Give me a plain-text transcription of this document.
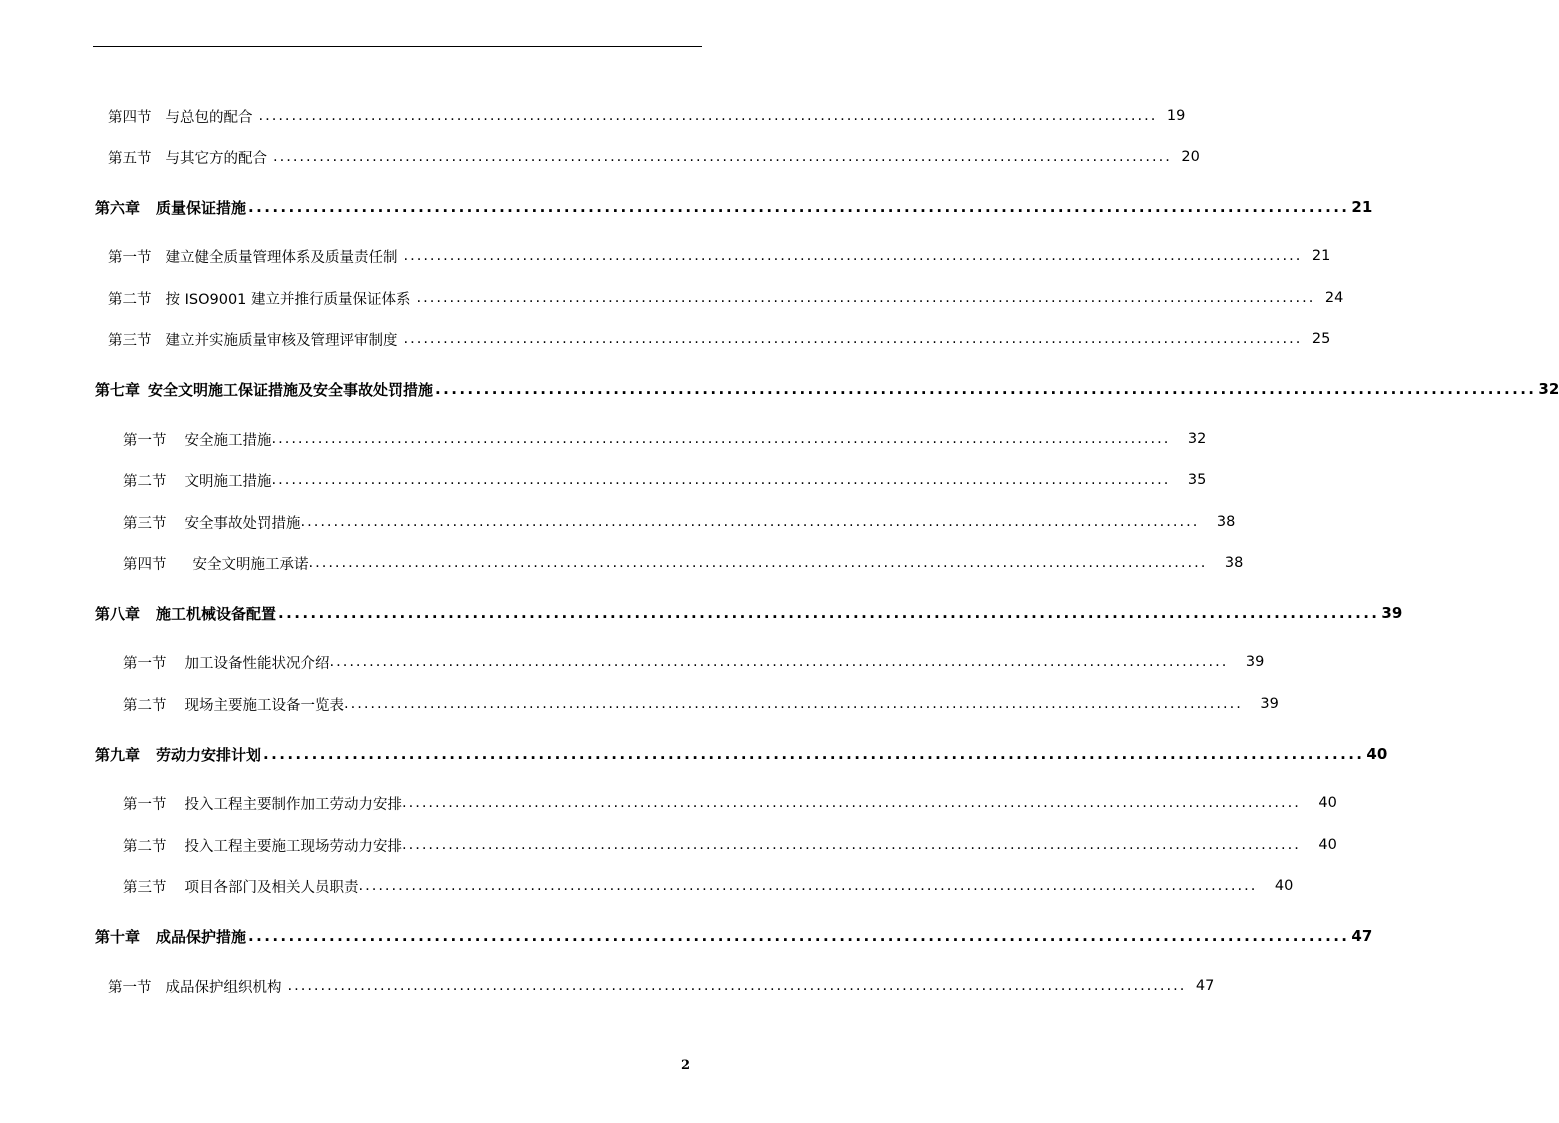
第四节 与总包的配合 ........................................................................................................................................ 19
第五节 与其它方的配合 ........................................................................................................................................ 20
第六章 质量保证措施 ........................................................................................................................................ 21
第一节 建立健全质量管理体系及质量责任制 ........................................................................................................................................ 21
第二节 按 ISO9001 建立并推行质量保证体系 ........................................................................................................................................ 24
第三节 建立并实施质量审核及管理评审制度 ........................................................................................................................................ 25
第七章 安全文明施工保证措施及安全事故处罚措施 ........................................................................................................................................ 32
第一节 安全施工措施 ........................................................................................................................................ 32
第二节 文明施工措施 ........................................................................................................................................ 35
第三节 安全事故处罚措施 ........................................................................................................................................ 38
第四节 安全文明施工承诺 ........................................................................................................................................ 38
第八章 施工机械设备配置 ........................................................................................................................................ 39
第一节 加工设备性能状况介绍 ........................................................................................................................................ 39
第二节 现场主要施工设备一览表 ........................................................................................................................................ 39
第九章 劳动力安排计划 ........................................................................................................................................ 40
第一节 投入工程主要制作加工劳动力安排 ........................................................................................................................................ 40
第二节 投入工程主要施工现场劳动力安排 ........................................................................................................................................ 40
第三节 项目各部门及相关人员职责 ........................................................................................................................................ 40
第十章 成品保护措施 ........................................................................................................................................ 47
第一节 成品保护组织机构 ........................................................................................................................................ 47
2
